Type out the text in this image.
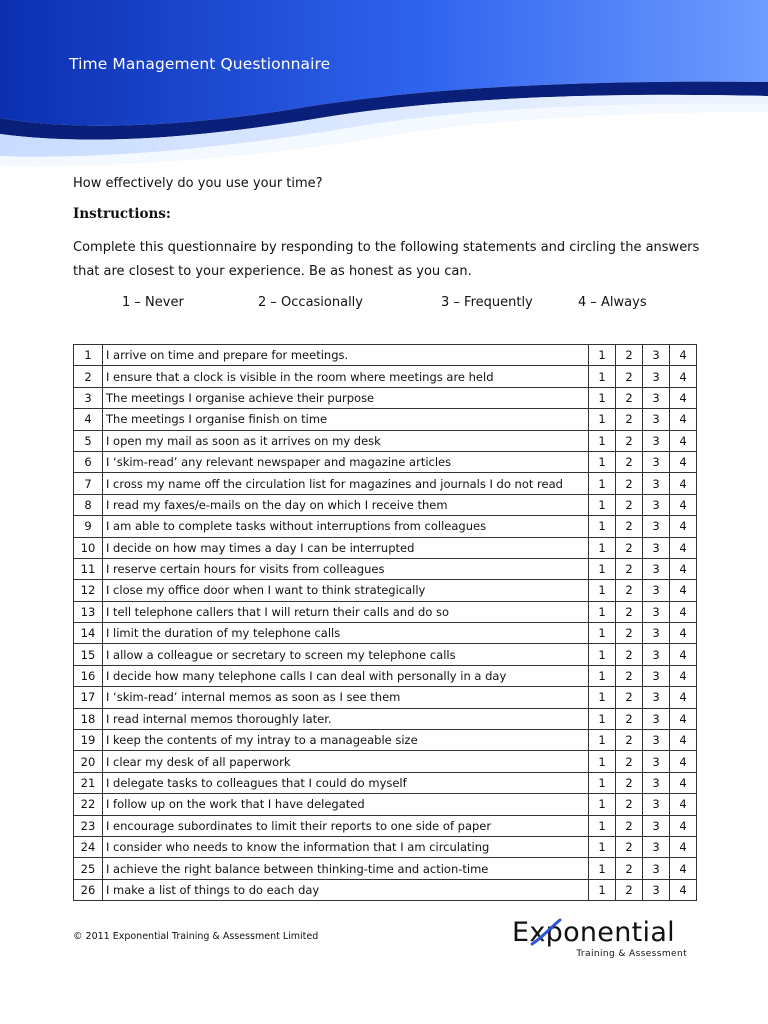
Time Management Questionnaire
How effectively do you use your time?
Instructions:
Complete this questionnaire by responding to the following statements and circling the answers that are closest to your experience. Be as honest as you can.
1 – Never	2 – Occasionally	3 – Frequently	4 – Always
1	I arrive on time and prepare for meetings.	1	2	3	4
2	I ensure that a clock is visible in the room where meetings are held	1	2	3	4
3	The meetings I organise achieve their purpose	1	2	3	4
4	The meetings I organise finish on time	1	2	3	4
5	I open my mail as soon as it arrives on my desk	1	2	3	4
6	I ‘skim-read’ any relevant newspaper and magazine articles	1	2	3	4
7	I cross my name off the circulation list for magazines and journals I do not read	1	2	3	4
8	I read my faxes/e-mails on the day on which I receive them	1	2	3	4
9	I am able to complete tasks without interruptions from colleagues	1	2	3	4
10	I decide on how may times a day I can be interrupted	1	2	3	4
11	I reserve certain hours for visits from colleagues	1	2	3	4
12	I close my office door when I want to think strategically	1	2	3	4
13	I tell telephone callers that I will return their calls and do so	1	2	3	4
14	I limit the duration of my telephone calls	1	2	3	4
15	I allow a colleague or secretary to screen my telephone calls	1	2	3	4
16	I decide how many telephone calls I can deal with personally in a day	1	2	3	4
17	I ‘skim-read’ internal memos as soon as I see them	1	2	3	4
18	I read internal memos thoroughly later.	1	2	3	4
19	I keep the contents of my intray to a manageable size	1	2	3	4
20	I clear my desk of all paperwork	1	2	3	4
21	I delegate tasks to colleagues that I could do myself	1	2	3	4
22	I follow up on the work that I have delegated	1	2	3	4
23	I encourage subordinates to limit their reports to one side of paper	1	2	3	4
24	I consider who needs to know the information that I am circulating	1	2	3	4
25	I achieve the right balance between thinking-time and action-time	1	2	3	4
26	I make a list of things to do each day	1	2	3	4
© 2011 Exponential Training & Assessment Limited	Exponential
Training & Assessment
